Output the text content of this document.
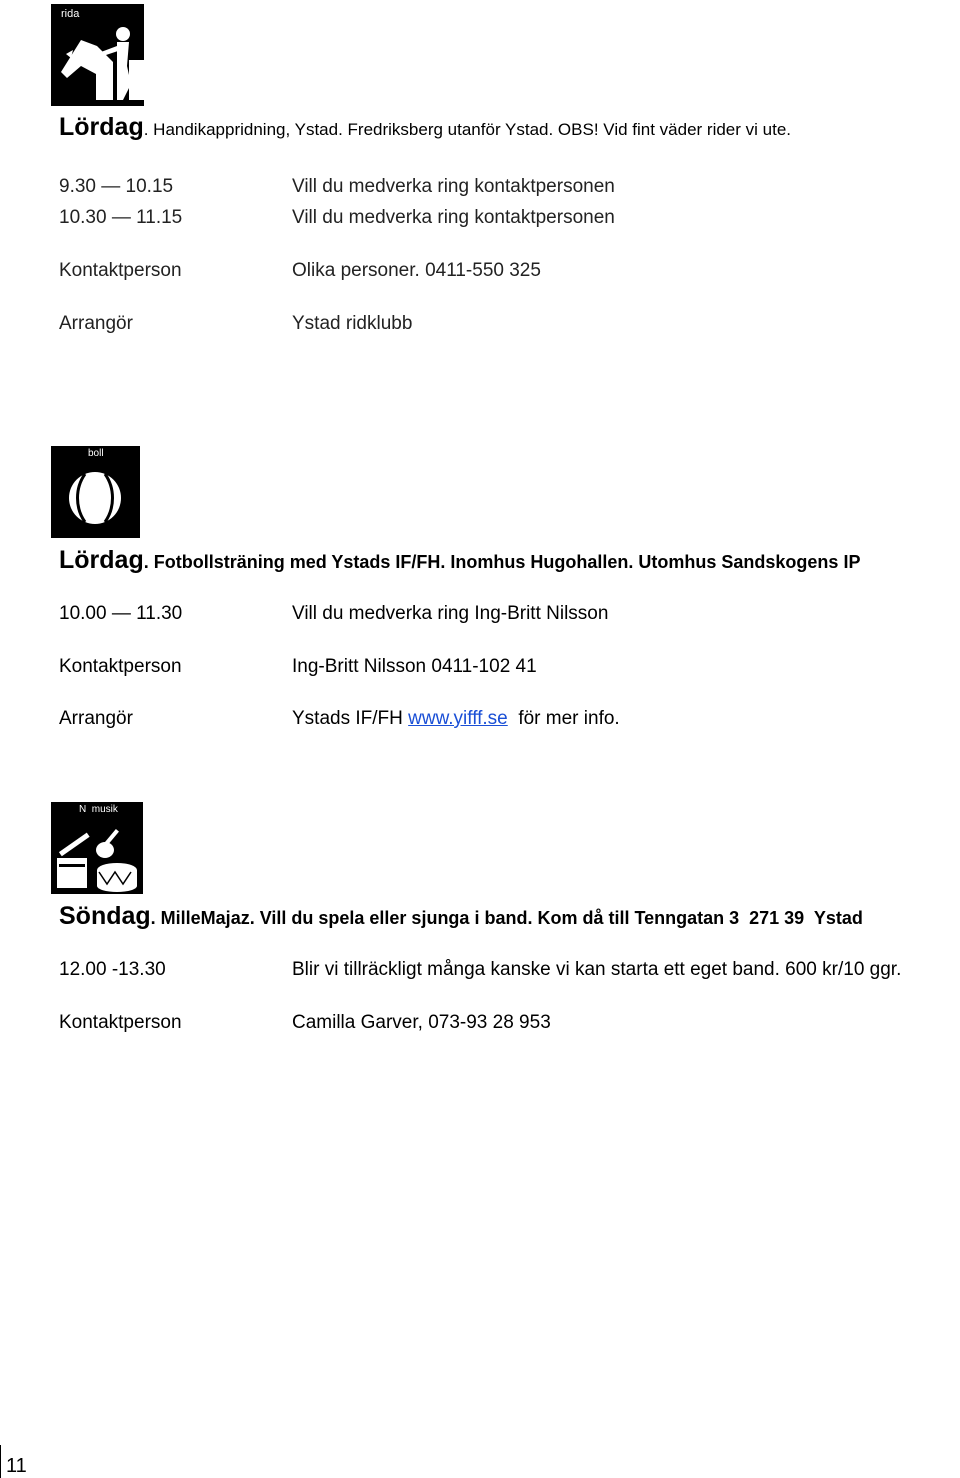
rida
Lördag. Handikappridning, Ystad. Fredriksberg utanför Ystad. OBS! Vid fint väder rider vi ute.
9.30 — 10.15	Vill du medverka ring kontaktpersonen
10.30 — 11.15	Vill du medverka ring kontaktpersonen
Kontaktperson	Olika personer. 0411-550 325
Arrangör	Ystad ridklubb
boll
Lördag. Fotbollsträning med Ystads IF/FH. Inomhus Hugohallen. Utomhus Sandskogens IP
10.00 — 11.30	Vill du medverka ring Ing-Britt Nilsson
Kontaktperson	Ing-Britt Nilsson 0411-102 41
Arrangör	Ystads IF/FH www.yifff.se  för mer info.
N  musik
Söndag. MilleMajaz. Vill du spela eller sjunga i band. Kom då till Tenngatan 3  271 39  Ystad
12.00 -13.30	Blir vi tillräckligt många kanske vi kan starta ett eget band. 600 kr/10 ggr.
Kontaktperson	Camilla Garver, 073-93 28 953
11
